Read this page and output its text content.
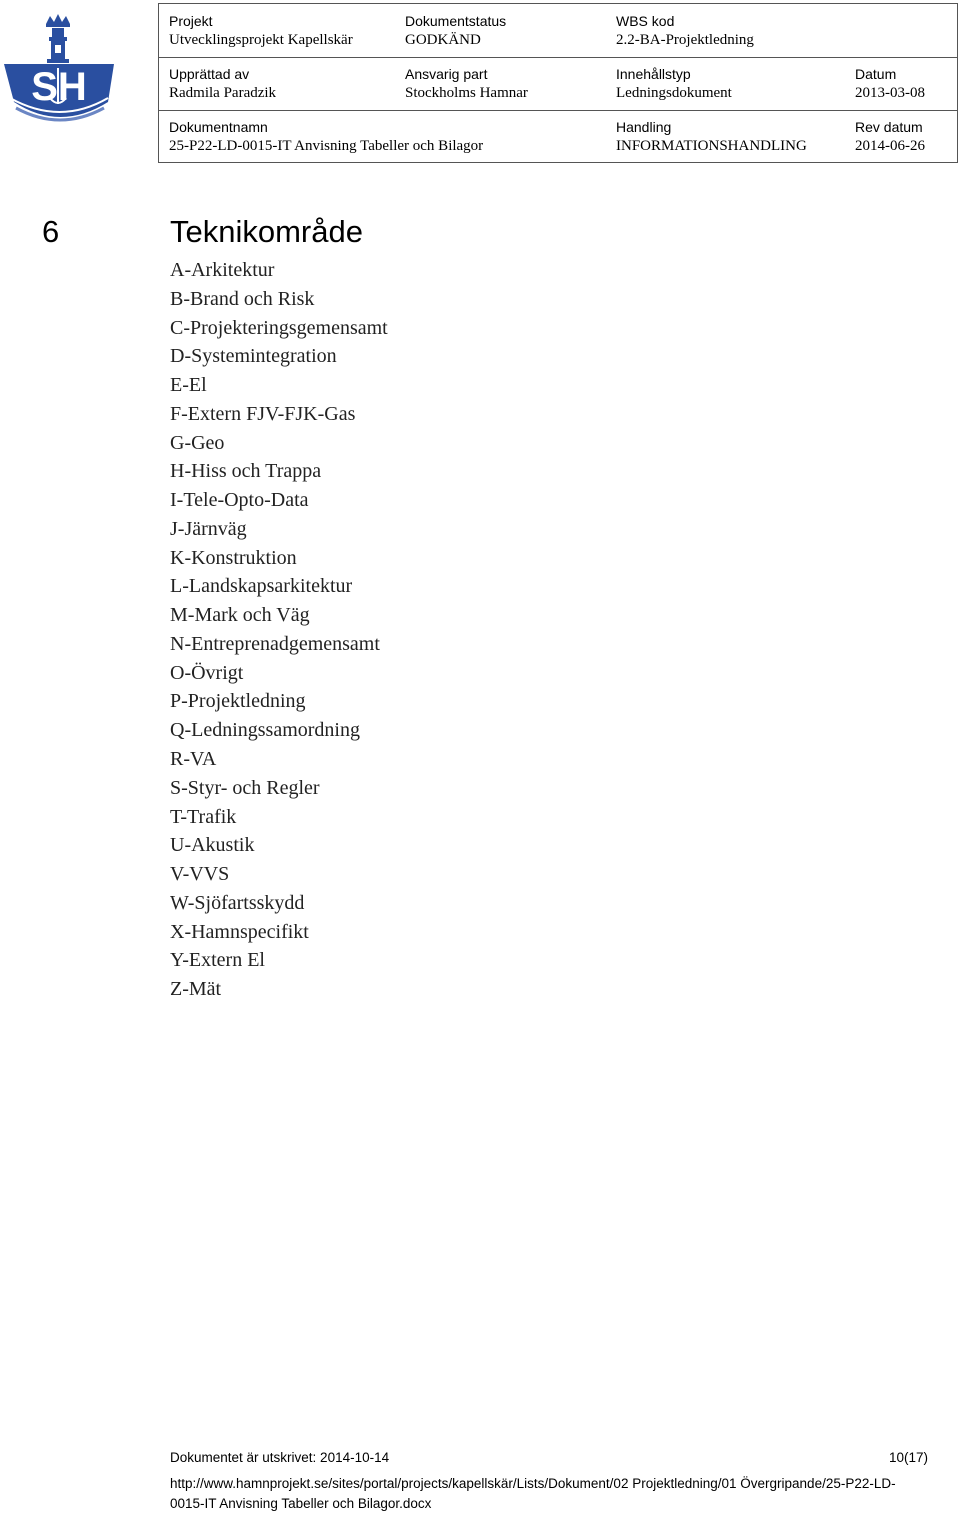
SH
Projekt
Utvecklingsprojekt Kapellskär
Dokumentstatus
GODKÄND
WBS kod
2.2-BA-Projektledning
Upprättad av
Radmila Paradzik
Ansvarig part
Stockholms Hamnar
Innehållstyp
Ledningsdokument
Datum
2013-03-08
Dokumentnamn
25-P22-LD-0015-IT Anvisning Tabeller och Bilagor
Handling
INFORMATIONSHANDLING
Rev datum
2014-06-26
6	Teknikområde
A-Arkitektur
B-Brand och Risk
C-Projekteringsgemensamt
D-Systemintegration
E-El
F-Extern FJV-FJK-Gas
G-Geo
H-Hiss och Trappa
I-Tele-Opto-Data
J-Järnväg
K-Konstruktion
L-Landskapsarkitektur
M-Mark och Väg
N-Entreprenadgemensamt
O-Övrigt
P-Projektledning
Q-Ledningssamordning
R-VA
S-Styr- och Regler
T-Trafik
U-Akustik
V-VVS
W-Sjöfartsskydd
X-Hamnspecifikt
Y-Extern El
Z-Mät
Dokumentet är utskrivet: 2014-10-14	10(17)
http://www.hamnprojekt.se/sites/portal/projects/kapellskär/Lists/Dokument/02 Projektledning/01 Övergripande/25-P22-LD-0015-IT Anvisning Tabeller och Bilagor.docx
